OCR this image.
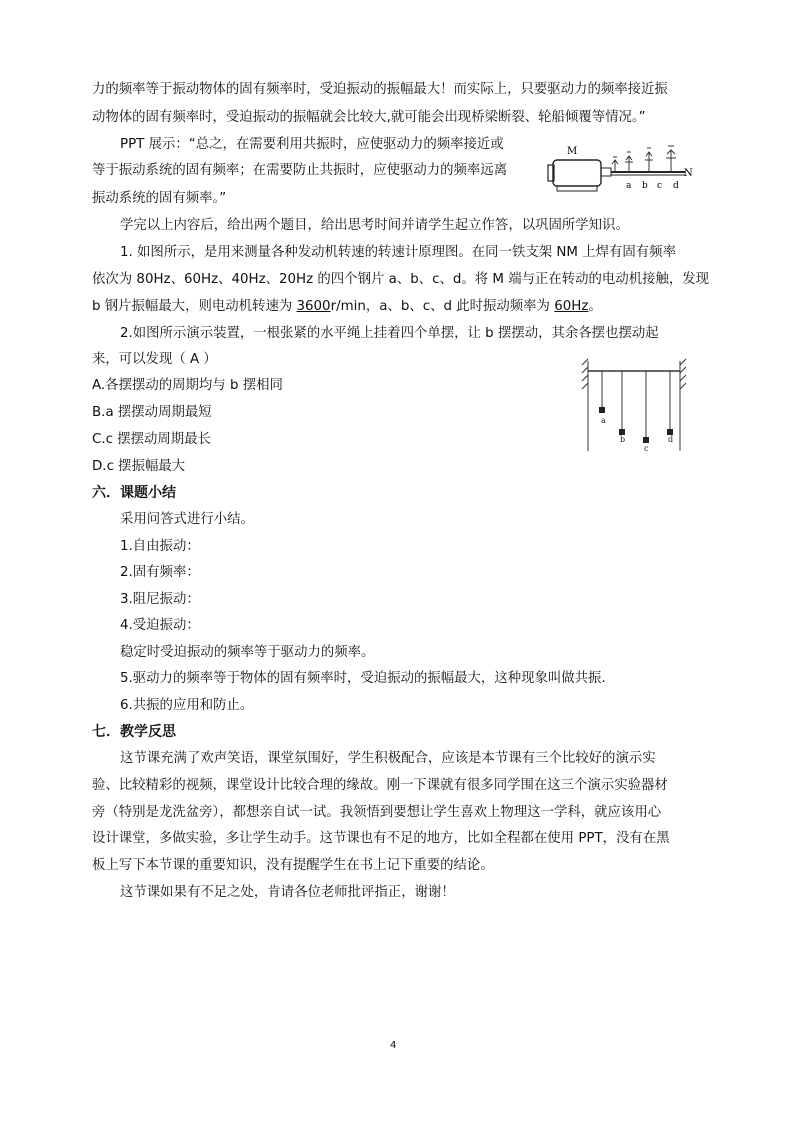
力的频率等于振动物体的固有频率时，受迫振动的振幅最大！而实际上，只要驱动力的频率接近振
动物体的固有频率时，受迫振动的振幅就会比较大,就可能会出现桥梁断裂、轮船倾覆等情况。”
PPT 展示：“总之，在需要利用共振时，应使驱动力的频率接近或
等于振动系统的固有频率；在需要防止共振时，应使驱动力的频率远离
振动系统的固有频率。”
M
N
a b c d
学完以上内容后，给出两个题目，给出思考时间并请学生起立作答，以巩固所学知识。
1. 如图所示，是用来测量各种发动机转速的转速计原理图。在同一铁支架 NM 上焊有固有频率
依次为 80Hz、60Hz、40Hz、20Hz 的四个钢片 a、b、c、d。将 M 端与正在转动的电动机接触，发现
b 钢片振幅最大，则电动机转速为 3600r/min，a、b、c、d 此时振动频率为 60Hz。
2.如图所示演示装置，一根张紧的水平绳上挂着四个单摆，让 b 摆摆动，其余各摆也摆动起
来，可以发现（ A ）
A.各摆摆动的周期均与 b 摆相同
B.a 摆摆动周期最短
C.c 摆摆动周期最长
D.c 摆振幅最大
a
b
c
d
六．课题小结
采用问答式进行小结。
1.自由振动：
2.固有频率：
3.阻尼振动：
4.受迫振动：
稳定时受迫振动的频率等于驱动力的频率。
5.驱动力的频率等于物体的固有频率时，受迫振动的振幅最大，这种现象叫做共振．
6.共振的应用和防止。
七．教学反思
这节课充满了欢声笑语，课堂氛围好，学生积极配合，应该是本节课有三个比较好的演示实
验、比较精彩的视频，课堂设计比较合理的缘故。刚一下课就有很多同学围在这三个演示实验器材
旁（特别是龙洗盆旁），都想亲自试一试。我领悟到要想让学生喜欢上物理这一学科，就应该用心
设计课堂，多做实验，多让学生动手。这节课也有不足的地方，比如全程都在使用 PPT，没有在黑
板上写下本节课的重要知识，没有提醒学生在书上记下重要的结论。
这节课如果有不足之处，肯请各位老师批评指正，谢谢！
4
